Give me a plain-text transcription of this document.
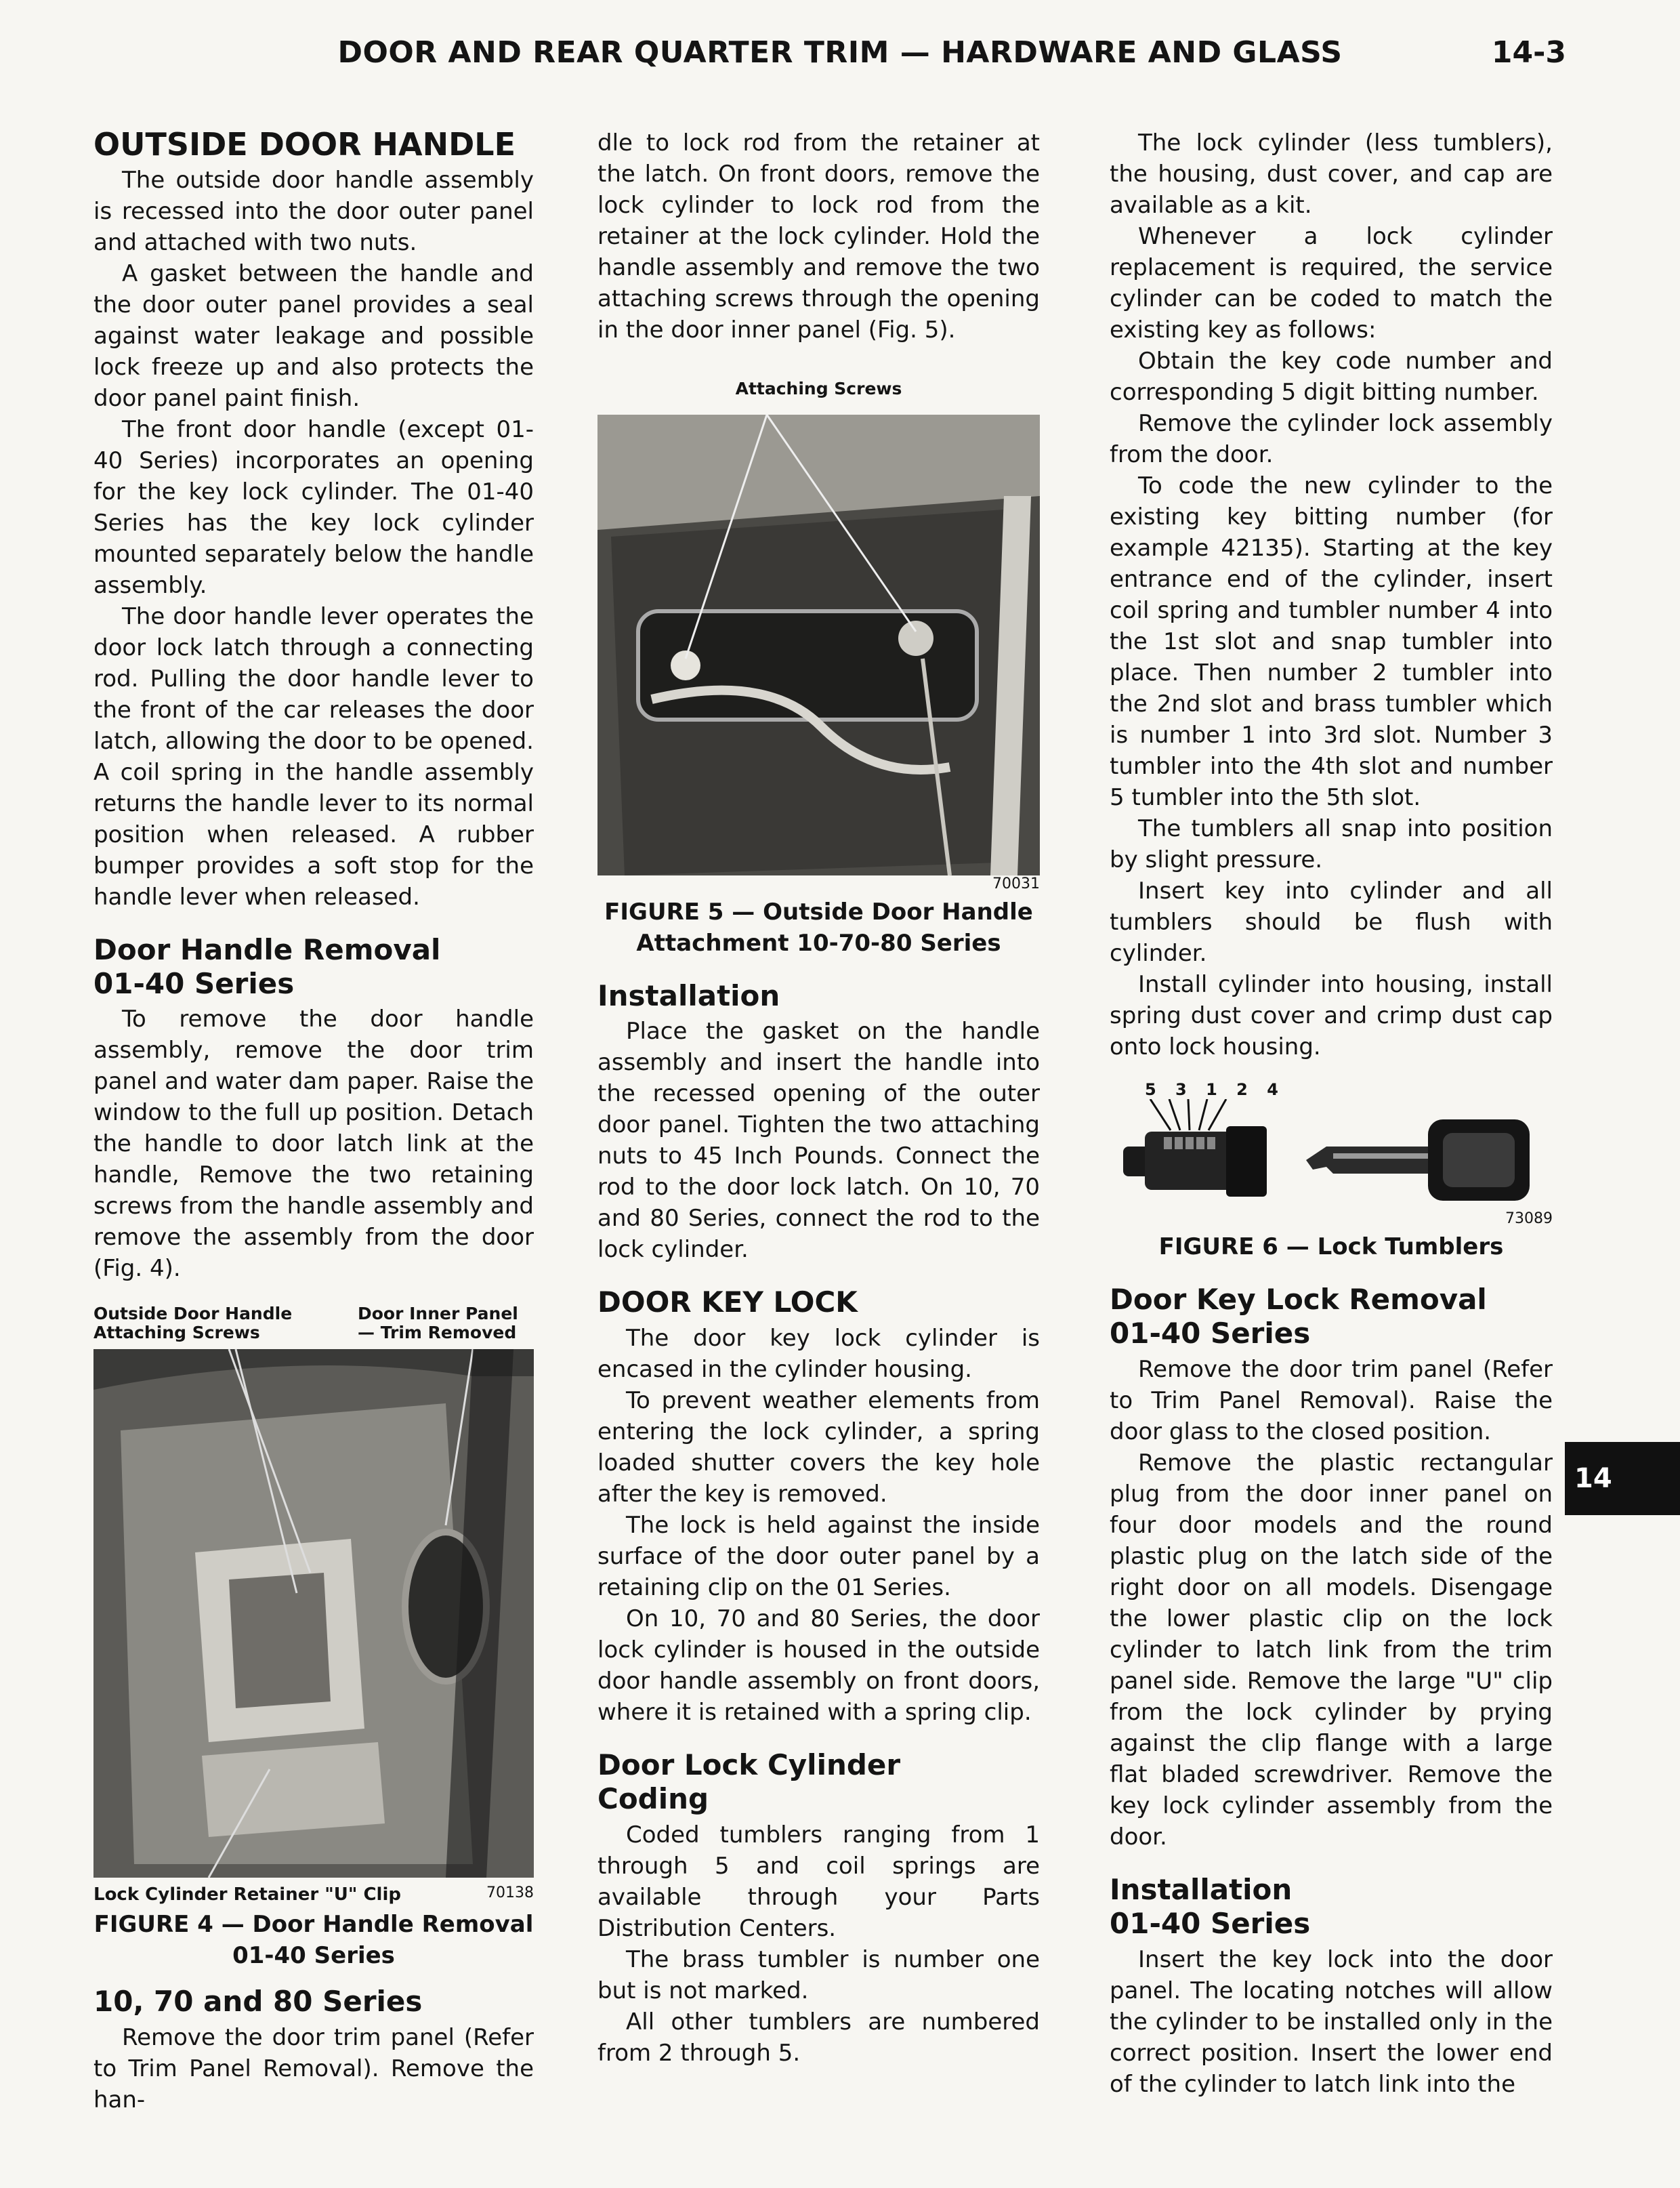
DOOR AND REAR QUARTER TRIM — HARDWARE AND GLASS	14-3
OUTSIDE DOOR HANDLE

The outside door handle assembly is recessed into the door outer panel and attached with two nuts.

A gasket between the handle and the door outer panel provides a seal against water leakage and possible lock freeze up and also protects the door panel paint finish.

The front door handle (except 01-40 Series) incorporates an opening for the key lock cylinder. The 01-40 Series has the key lock cylinder mounted separately below the handle assembly.

The door handle lever operates the door lock latch through a connecting rod. Pulling the door handle lever to the front of the car releases the door latch, allowing the door to be opened. A coil spring in the handle assembly returns the handle lever to its normal position when released. A rubber bumper provides a soft stop for the handle lever when released.

Door Handle Removal
01-40 Series

To remove the door handle assembly, remove the door trim panel and water dam paper. Raise the window to the full up position. Detach the handle to door latch link at the handle, Remove the two retaining screws from the handle assembly and remove the assembly from the door (Fig. 4).

Outside Door Handle Attaching Screws
Door Inner Panel — Trim Removed
Lock Cylinder Retainer "U" Clip	70138
FIGURE 4 — Door Handle Removal
01-40 Series
10, 70 and 80 Series

Remove the door trim panel (Refer to Trim Panel Removal). Remove the han-

dle to lock rod from the retainer at the latch. On front doors, remove the lock cylinder to lock rod from the retainer at the lock cylinder. Hold the handle assembly and remove the two attaching screws through the opening in the door inner panel (Fig. 5).

Attaching Screws
70031
FIGURE 5 — Outside Door Handle
Attachment 10-70-80 Series
Installation

Place the gasket on the handle assembly and insert the handle into the recessed opening of the outer door panel. Tighten the two attaching nuts to 45 Inch Pounds. Connect the rod to the door lock latch. On 10, 70 and 80 Series, connect the rod to the lock cylinder.

DOOR KEY LOCK

The door key lock cylinder is encased in the cylinder housing.

To prevent weather elements from entering the lock cylinder, a spring loaded shutter covers the key hole after the key is removed.

The lock is held against the inside surface of the door outer panel by a retaining clip on the 01 Series.

On 10, 70 and 80 Series, the door lock cylinder is housed in the outside door handle assembly on front doors, where it is retained with a spring clip.

Door Lock Cylinder
Coding

Coded tumblers ranging from 1 through 5 and coil springs are available through your Parts Distribution Centers.

The brass tumbler is number one but is not marked.

All other tumblers are numbered from 2 through 5.

The lock cylinder (less tumblers), the housing, dust cover, and cap are available as a kit.

Whenever a lock cylinder replacement is required, the service cylinder can be coded to match the existing key as follows:

Obtain the key code number and corresponding 5 digit bitting number.

Remove the cylinder lock assembly from the door.

To code the new cylinder to the existing key bitting number (for example 42135). Starting at the key entrance end of the cylinder, insert coil spring and tumbler number 4 into the 1st slot and snap tumbler into place. Then number 2 tumbler into the 2nd slot and brass tumbler which is number 1 into 3rd slot. Number 3 tumbler into the 4th slot and number 5 tumbler into the 5th slot.

The tumblers all snap into position by slight pressure.

Insert key into cylinder and all tumblers should be flush with cylinder.

Install cylinder into housing, install spring dust cover and crimp dust cap onto lock housing.

5 3 1 2 4
73089
FIGURE 6 — Lock Tumblers
Door Key Lock Removal
01-40 Series

Remove the door trim panel (Refer to Trim Panel Removal). Raise the door glass to the closed position.

Remove the plastic rectangular plug from the door inner panel on four door models and the round plastic plug on the latch side of the right door on all models. Disengage the lower plastic clip on the lock cylinder to latch link from the trim panel side. Remove the large "U" clip from the lock cylinder by prying against the clip flange with a large flat bladed screwdriver. Remove the key lock cylinder assembly from the door.

Installation
01-40 Series

Insert the key lock into the door panel. The locating notches will allow the cylinder to be installed only in the correct position. Insert the lower end of the cylinder to latch link into the

14
